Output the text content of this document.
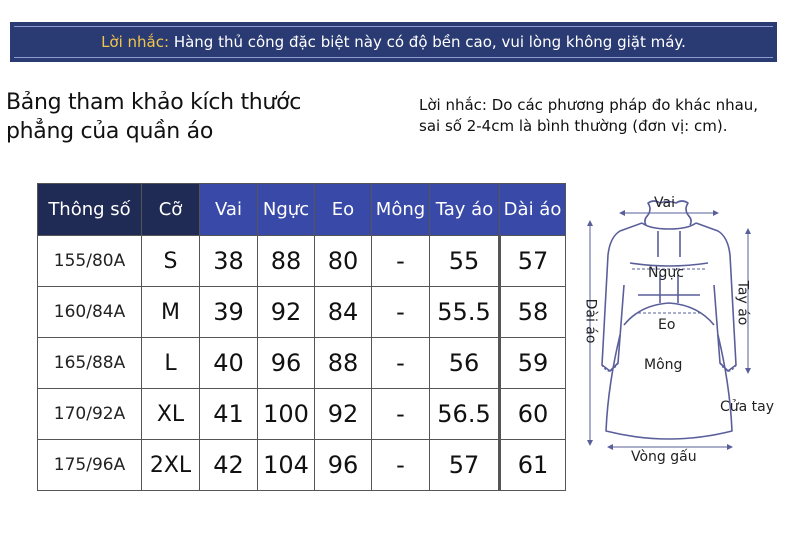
Lời nhắc: Hàng thủ công đặc biệt này có độ bền cao, vui lòng không giặt máy.
Bảng tham khảo kích thước
phẳng của quần áo
Lời nhắc: Do các phương pháp đo khác nhau,
sai số 2-4cm là bình thường (đơn vị: cm).
Thông số	Cỡ	Vai	Ngực	Eo	Mông	Tay áo	Dài áo
155/80A	S	38	88	80	-	55	57
160/84A	M	39	92	84	-	55.5	58
165/88A	L	40	96	88	-	56	59
170/92A	XL	41	100	92	-	56.5	60
175/96A	2XL	42	104	96	-	57	61
Vai
Ngực
Eo
Mông
Dài áo	Tay áo
Cửa tay
Vòng gấu
